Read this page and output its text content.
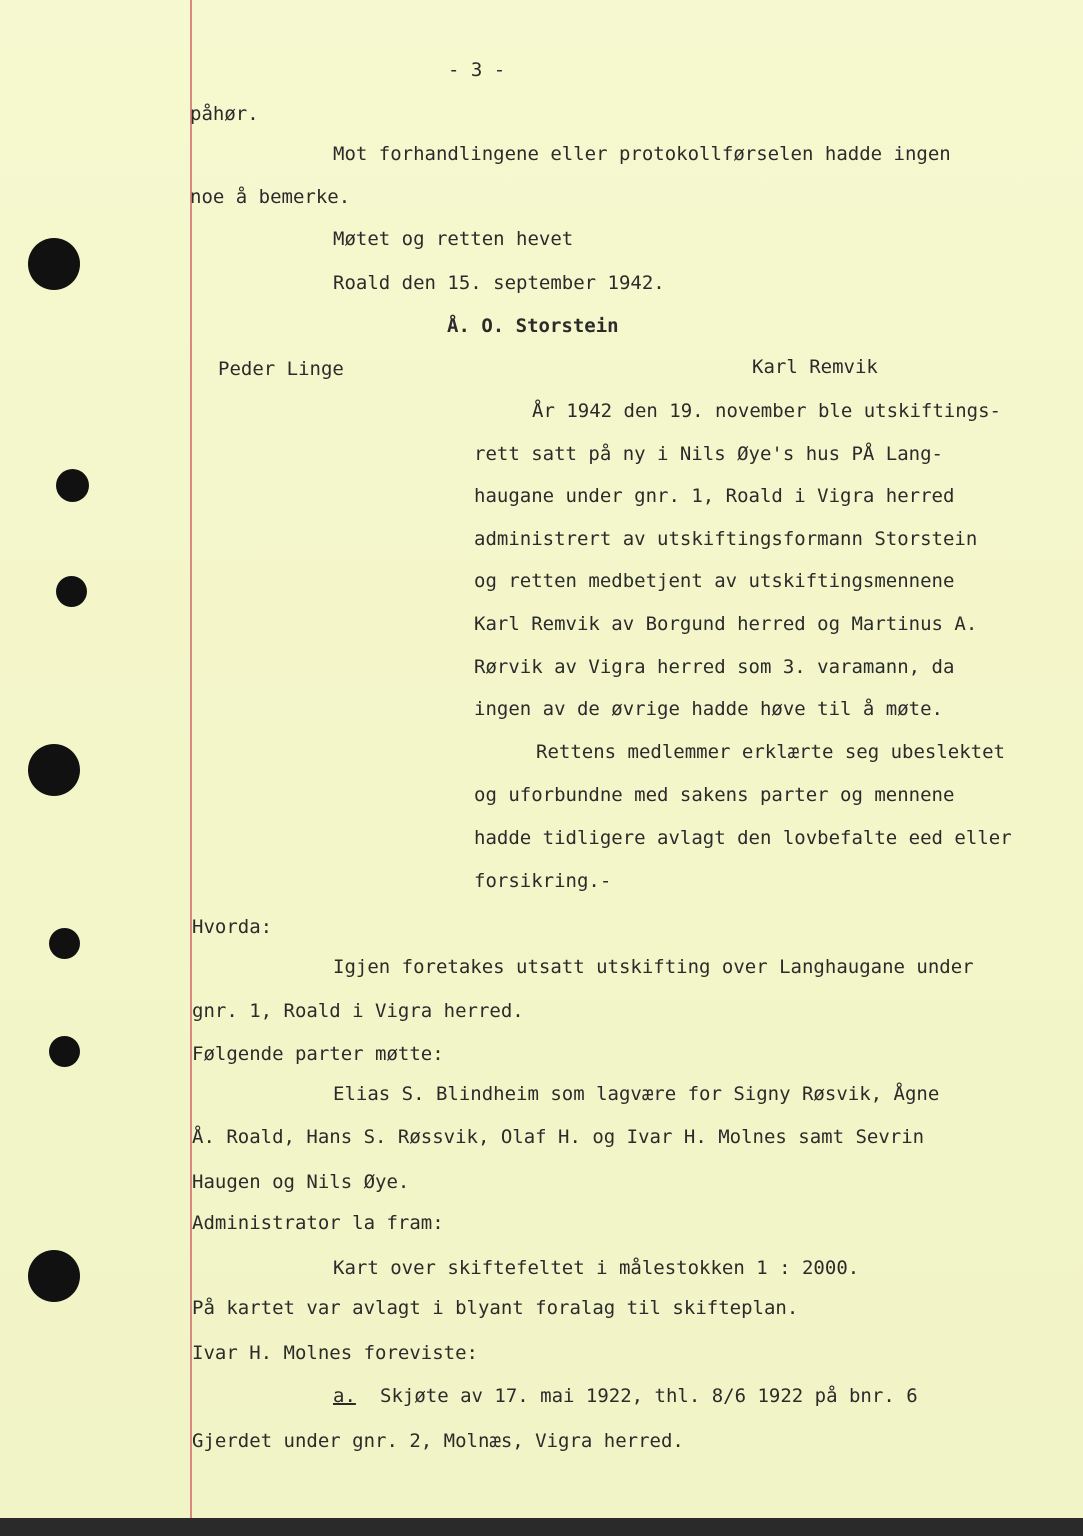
- 3 -
påhør.
Mot forhandlingene eller protokollførselen hadde ingen
noe å bemerke.
Møtet og retten hevet
Roald den 15. september 1942.
Å. O. Storstein
Peder Linge	Karl Remvik
År 1942 den 19. november ble utskiftings-
rett satt på ny i Nils Øye's hus PÅ Lang-
haugane under gnr. 1, Roald i Vigra herred
administrert av utskiftingsformann Storstein
og retten medbetjent av utskiftingsmennene
Karl Remvik av Borgund herred og Martinus A.
Rørvik av Vigra herred som 3. varamann, da
ingen av de øvrige hadde høve til å møte.
Rettens medlemmer erklærte seg ubeslektet
og uforbundne med sakens parter og mennene
hadde tidligere avlagt den lovbefalte eed eller
forsikring.-
Hvorda:
Igjen foretakes utsatt utskifting over Langhaugane under
gnr. 1, Roald i Vigra herred.
Følgende parter møtte:
Elias S. Blindheim som lagvære for Signy Røsvik, Ågne
Å. Roald, Hans S. Røssvik, Olaf H. og Ivar H. Molnes samt Sevrin
Haugen og Nils Øye.
Administrator la fram:
Kart over skiftefeltet i målestokken 1 : 2000.
På kartet var avlagt i blyant foralag til skifteplan.
Ivar H. Molnes foreviste:
a. Skjøte av 17. mai 1922, thl. 8/6 1922 på bnr. 6
Gjerdet under gnr. 2, Molnæs, Vigra herred.
